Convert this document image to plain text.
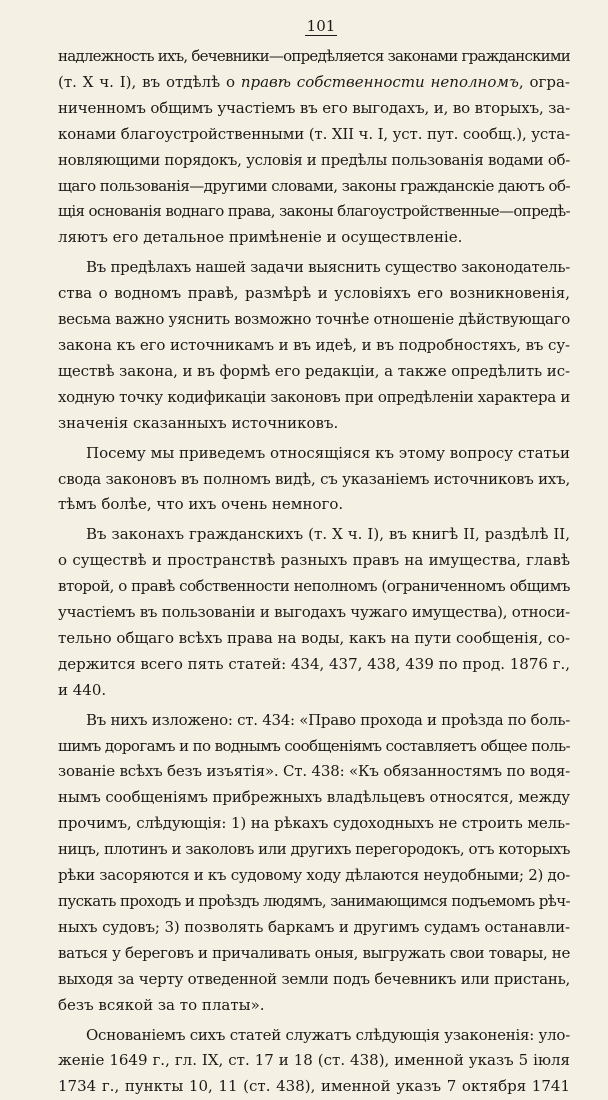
101
надлежность ихъ, бечевники—опредѣляется законами гражданскими
(т. X ч. I), въ отдѣлѣ о правѣ собственности неполномъ, огра-
ниченномъ общимъ участiемъ въ его выгодахъ, и, во вторыхъ, за-
конами благоустройственными (т. XII ч. I, уст. пут. сообщ.), уста-
новляющими порядокъ, условiя и предѣлы пользованiя водами об-
щаго пользованiя—другими словами, законы гражданскiе даютъ об-
щiя основанiя воднаго права, законы благоустройственные—опредѣ-
ляютъ его детальное примѣненiе и осуществленiе.
Въ предѣлахъ нашей задачи выяснить существо законодатель-
ства о водномъ правѣ, размѣрѣ и условiяхъ его возникновенiя,
весьма важно уяснить возможно точнѣе отношенiе дѣйствующаго
закона къ его источникамъ и въ идеѣ, и въ подробностяхъ, въ су-
ществѣ закона, и въ формѣ его редакцiи, а также опредѣлить ис-
ходную точку кодификацiи законовъ при опредѣленiи характера и
значенiя сказанныхъ источниковъ.
Посему мы приведемъ относящiяся къ этому вопросу статьи
свода законовъ въ полномъ видѣ, съ указанiемъ источниковъ ихъ,
тѣмъ болѣе, что ихъ очень немного.
Въ законахъ гражданскихъ (т. X ч. I), въ книгѣ II, раздѣлѣ II,
о существѣ и пространствѣ разныхъ правъ на имущества, главѣ
второй, о правѣ собственности неполномъ (ограниченномъ общимъ
участiемъ въ пользованiи и выгодахъ чужаго имущества), относи-
тельно общаго всѣхъ права на воды, какъ на пути сообщенiя, со-
держится всего пять статей: 434, 437, 438, 439 по прод. 1876 г.,
и 440.
Въ нихъ изложено: ст. 434: «Право прохода и проѣзда по боль-
шимъ дорогамъ и по воднымъ сообщенiямъ составляетъ общее поль-
зованiе всѣхъ безъ изъятiя». Ст. 438: «Къ обязанностямъ по водя-
нымъ сообщенiямъ прибрежныхъ владѣльцевъ относятся, между
прочимъ, слѣдующiя: 1) на рѣкахъ судоходныхъ не строить мель-
ницъ, плотинъ и заколовъ или другихъ перегородокъ, отъ которыхъ
рѣки засоряются и къ судовому ходу дѣлаются неудобными; 2) до-
пускать проходъ и проѣздъ людямъ, занимающимся подъемомъ рѣч-
ныхъ судовъ; 3) позволять баркамъ и другимъ судамъ останавли-
ваться у береговъ и причаливать оныя, выгружать свои товары, не
выходя за черту отведенной земли подъ бечевникъ или пристань,
безъ всякой за то платы».
Основанiемъ сихъ статей служатъ слѣдующiя узаконенiя: уло-
женiе 1649 г., гл. IX, ст. 17 и 18 (ст. 438), именной указъ 5 iюля
1734 г., пункты 10, 11 (ст. 438), именной указъ 7 октября 1741
